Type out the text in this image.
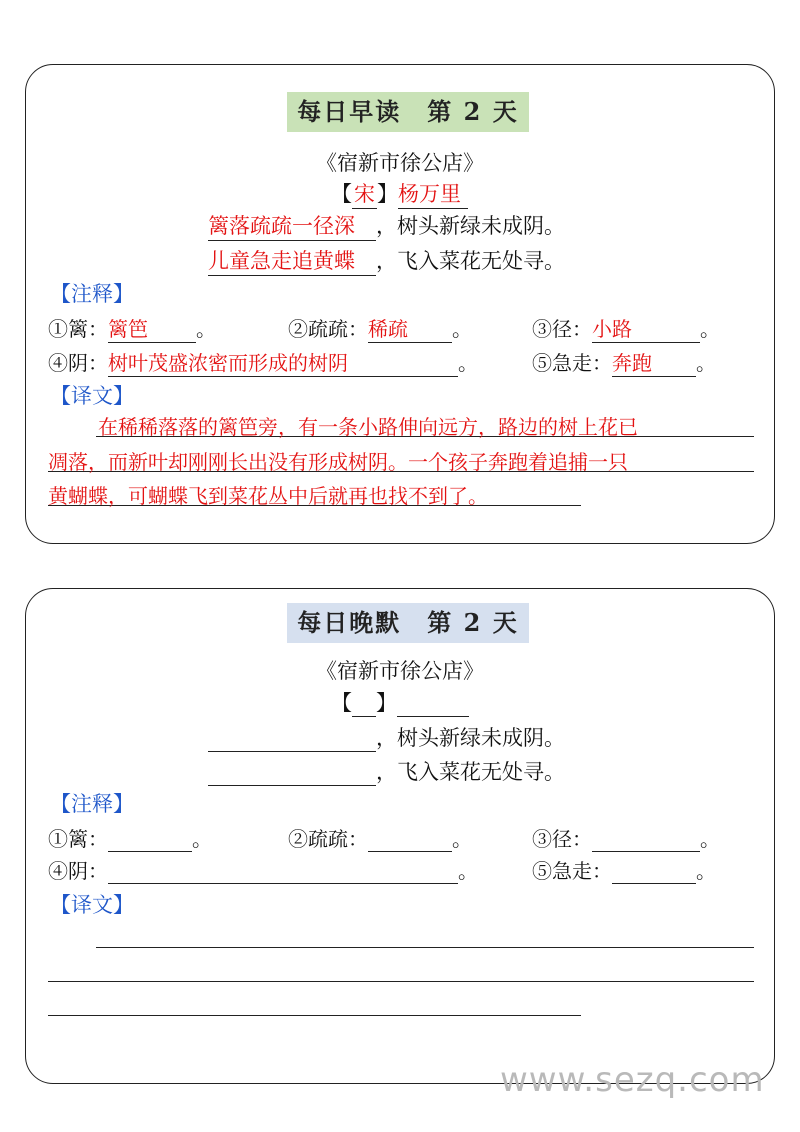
每日早读　第 2 天
《宿新市徐公店》
【宋】杨万里
篱落疏疏一径深 ，树头新绿未成阴。
儿童急走追黄蝶 ，飞入菜花无处寻。
【注释】
①篱：篱笆 。	②疏疏：稀疏 。	③径：小路	。
④阴：树叶茂盛浓密而形成的树阴	。	⑤急走：奔跑 。
【译文】
在稀稀落落的篱笆旁，有一条小路伸向远方，路边的树上花已
凋落，而新叶却刚刚长出没有形成树阴。一个孩子奔跑着追捕一只
黄蝴蝶，可蝴蝶飞到菜花丛中后就再也找不到了。
每日晚默　第 2 天
《宿新市徐公店》
【 】
，树头新绿未成阴。
，飞入菜花无处寻。
【注释】
①篱：	。	②疏疏：	。	③径：	。
④阴：	。	⑤急走：	。
【译文】
www.sezq.com
